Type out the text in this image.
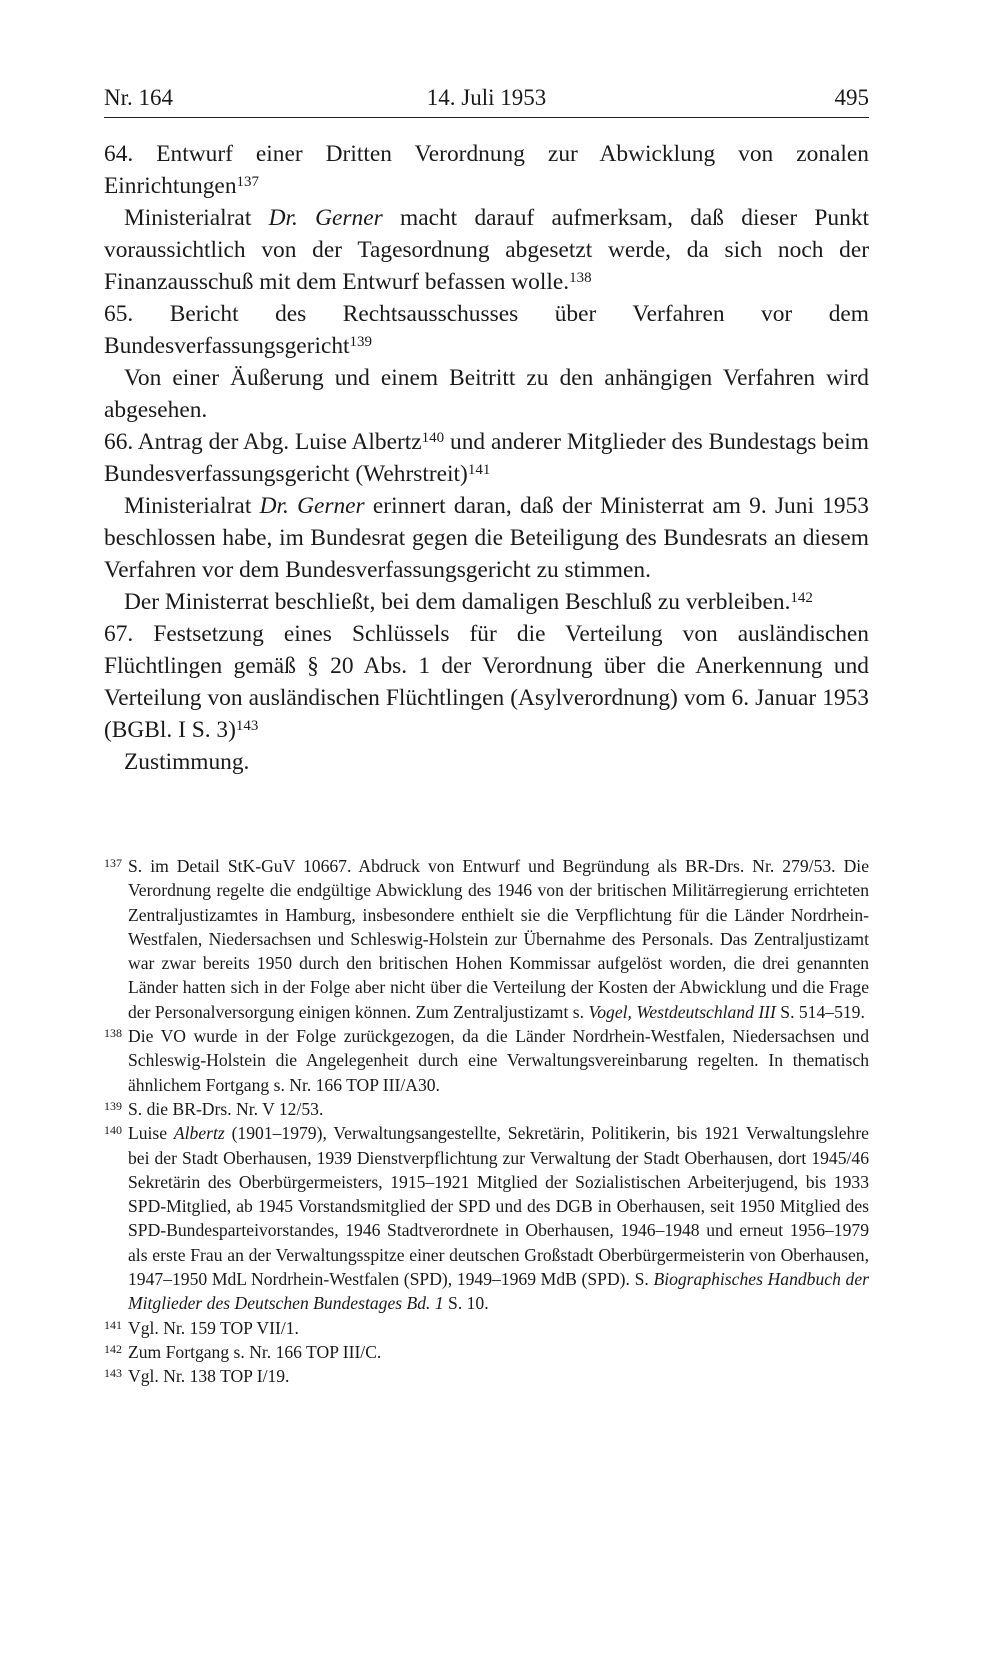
Nr. 164	14. Juli 1953	495

64. Entwurf einer Dritten Verordnung zur Abwicklung von zonalen Einrichtungen$^{137}$

Ministerialrat Dr. Gerner macht darauf aufmerksam, daß dieser Punkt voraussichtlich von der Tagesordnung abgesetzt werde, da sich noch der Finanzausschuß mit dem Entwurf befassen wolle.$^{138}$

65. Bericht des Rechtsausschusses über Verfahren vor dem Bundesverfassungsgericht$^{139}$

Von einer Äußerung und einem Beitritt zu den anhängigen Verfahren wird abgesehen.

66. Antrag der Abg. Luise Albertz$^{140}$ und anderer Mitglieder des Bundestags beim Bundesverfassungsgericht (Wehrstreit)$^{141}$

Ministerialrat Dr. Gerner erinnert daran, daß der Ministerrat am 9. Juni 1953 beschlossen habe, im Bundesrat gegen die Beteiligung des Bundesrats an diesem Verfahren vor dem Bundesverfassungsgericht zu stimmen.

Der Ministerrat beschließt, bei dem damaligen Beschluß zu verbleiben.$^{142}$

67. Festsetzung eines Schlüssels für die Verteilung von ausländischen Flüchtlingen gemäß § 20 Abs. 1 der Verordnung über die Anerkennung und Verteilung von ausländischen Flüchtlingen (Asylverordnung) vom 6. Januar 1953 (BGBl. I S. 3)$^{143}$

Zustimmung.

137 S. im Detail StK-GuV 10667. Abdruck von Entwurf und Begründung als BR-Drs. Nr. 279/53. Die Verordnung regelte die endgültige Abwicklung des 1946 von der britischen Militärregierung errichteten Zentraljustizamtes in Hamburg, insbesondere enthielt sie die Verpflichtung für die Länder Nordrhein-Westfalen, Niedersachsen und Schleswig-Holstein zur Übernahme des Personals. Das Zentraljustizamt war zwar bereits 1950 durch den britischen Hohen Kommissar aufgelöst worden, die drei genannten Länder hatten sich in der Folge aber nicht über die Verteilung der Kosten der Abwicklung und die Frage der Personalversorgung einigen können. Zum Zentraljustizamt s. Vogel, Westdeutschland III S. 514–519.

138 Die VO wurde in der Folge zurückgezogen, da die Länder Nordrhein-Westfalen, Niedersachsen und Schleswig-Holstein die Angelegenheit durch eine Verwaltungsvereinbarung regelten. In thematisch ähnlichem Fortgang s. Nr. 166 TOP III/A30.

139 S. die BR-Drs. Nr. V 12/53.

140 Luise Albertz (1901–1979), Verwaltungsangestellte, Sekretärin, Politikerin, bis 1921 Verwaltungslehre bei der Stadt Oberhausen, 1939 Dienstverpflichtung zur Verwaltung der Stadt Oberhausen, dort 1945/46 Sekretärin des Oberbürgermeisters, 1915–1921 Mitglied der Sozialistischen Arbeiterjugend, bis 1933 SPD-Mitglied, ab 1945 Vorstandsmitglied der SPD und des DGB in Oberhausen, seit 1950 Mitglied des SPD-Bundesparteivorstandes, 1946 Stadtverordnete in Oberhausen, 1946–1948 und erneut 1956–1979 als erste Frau an der Verwaltungsspitze einer deutschen Großstadt Oberbürgermeisterin von Oberhausen, 1947–1950 MdL Nordrhein-Westfalen (SPD), 1949–1969 MdB (SPD). S. Biographisches Handbuch der Mitglieder des Deutschen Bundestages Bd. 1 S. 10.

141 Vgl. Nr. 159 TOP VII/1.

142 Zum Fortgang s. Nr. 166 TOP III/C.

143 Vgl. Nr. 138 TOP I/19.
